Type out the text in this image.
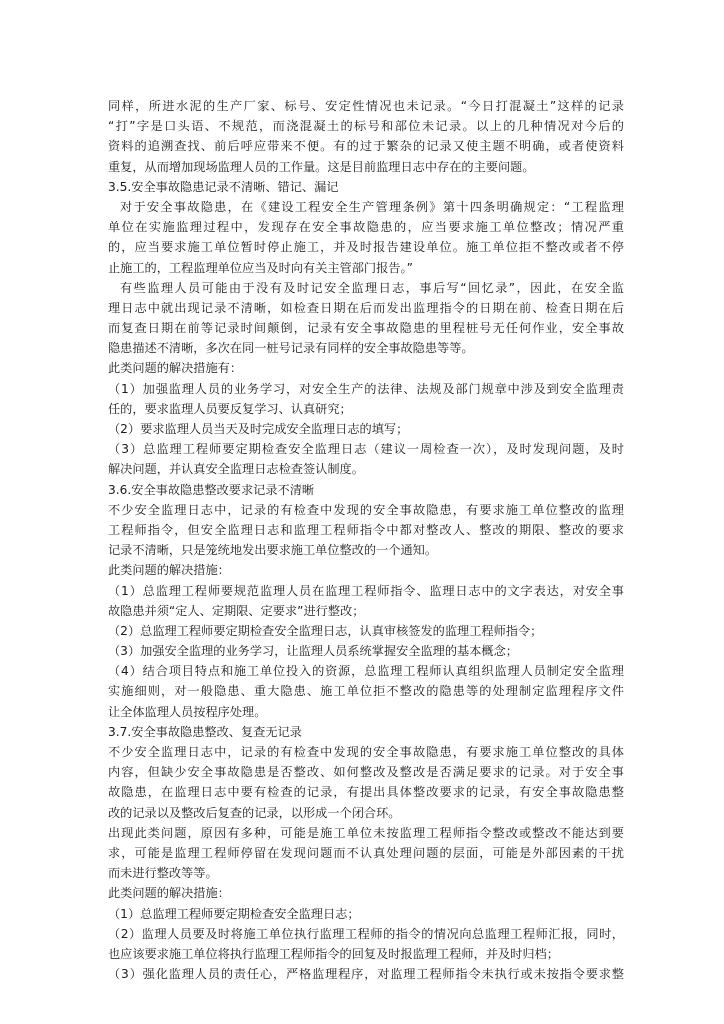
同样，所进水泥的生产厂家、标号、安定性情况也未记录。“今日打混凝土”这样的记录
“打”字是口头语、不规范，而浇混凝土的标号和部位未记录。以上的几种情况对今后的
资料的追溯查找、前后呼应带来不便。有的过于繁杂的记录又使主题不明确，或者使资料
重复，从而增加现场监理人员的工作量。这是目前监理日志中存在的主要问题。
3.5.安全事故隐患记录不清晰、错记、漏记
对于安全事故隐患，在《建设工程安全生产管理条例》第十四条明确规定：“工程监理
单位在实施监理过程中，发现存在安全事故隐患的，应当要求施工单位整改；情况严重
的，应当要求施工单位暂时停止施工，并及时报告建设单位。施工单位拒不整改或者不停
止施工的，工程监理单位应当及时向有关主管部门报告。”
有些监理人员可能由于没有及时记安全监理日志，事后写“回忆录”，因此，在安全监
理日志中就出现记录不清晰，如检查日期在后而发出监理指令的日期在前、检查日期在后
而复查日期在前等记录时间颠倒，记录有安全事故隐患的里程桩号无任何作业，安全事故
隐患描述不清晰，多次在同一桩号记录有同样的安全事故隐患等等。
此类问题的解决措施有：
（1）加强监理人员的业务学习，对安全生产的法律、法规及部门规章中涉及到安全监理责
任的，要求监理人员要反复学习、认真研究；
（2）要求监理人员当天及时完成安全监理日志的填写；
（3）总监理工程师要定期检查安全监理日志（建议一周检查一次），及时发现问题，及时
解决问题，并认真安全监理日志检查签认制度。
3.6.安全事故隐患整改要求记录不清晰
不少安全监理日志中，记录的有检查中发现的安全事故隐患，有要求施工单位整改的监理
工程师指令，但安全监理日志和监理工程师指令中都对整改人、整改的期限、整改的要求
记录不清晰，只是笼统地发出要求施工单位整改的一个通知。
此类问题的解决措施：
（1）总监理工程师要规范监理人员在监理工程师指令、监理日志中的文字表达，对安全事
故隐患并须“定人、定期限、定要求”进行整改；
（2）总监理工程师要定期检查安全监理日志，认真审核签发的监理工程师指令；
（3）加强安全监理的业务学习，让监理人员系统掌握安全监理的基本概念；
（4）结合项目特点和施工单位投入的资源，总监理工程师认真组织监理人员制定安全监理
实施细则，对一般隐患、重大隐患、施工单位拒不整改的隐患等的处理制定监理程序文件
让全体监理人员按程序处理。
3.7.安全事故隐患整改、复查无记录
不少安全监理日志中，记录的有检查中发现的安全事故隐患，有要求施工单位整改的具体
内容，但缺少安全事故隐患是否整改、如何整改及整改是否满足要求的记录。对于安全事
故隐患，在监理日志中要有检查的记录，有提出具体整改要求的记录，有安全事故隐患整
改的记录以及整改后复查的记录，以形成一个闭合环。
出现此类问题，原因有多种，可能是施工单位未按监理工程师指令整改或整改不能达到要
求，可能是监理工程师停留在发现问题而不认真处理问题的层面，可能是外部因素的干扰
而未进行整改等等。
此类问题的解决措施：
（1）总监理工程师要定期检查安全监理日志；
（2）监理人员要及时将施工单位执行监理工程师的指令的情况向总监理工程师汇报，同时，
也应该要求施工单位将执行监理工程师指令的回复及时报监理工程师，并及时归档；
（3）强化监理人员的责任心，严格监理程序，对监理工程师指令未执行或未按指令要求整
